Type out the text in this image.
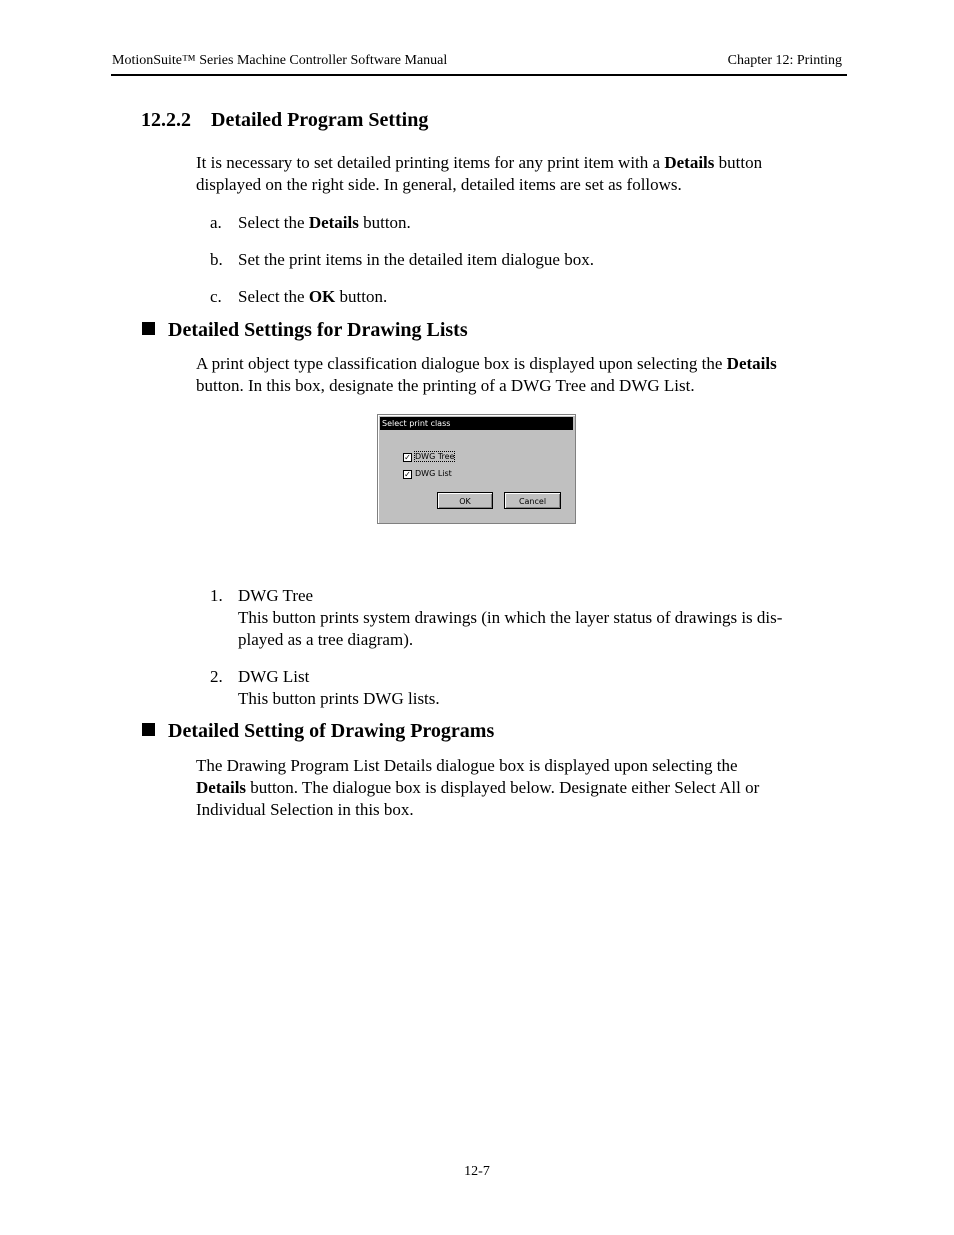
MotionSuite™ Series Machine Controller Software Manual	Chapter 12: Printing
12.2.2 Detailed Program Setting
It is necessary to set detailed printing items for any print item with a Details button
displayed on the right side. In general, detailed items are set as follows.
a. Select the Details button.
b. Set the print items in the detailed item dialogue box.
c. Select the OK button.
Detailed Settings for Drawing Lists
A print object type classification dialogue box is displayed upon selecting the Details
button. In this box, designate the printing of a DWG Tree and DWG List.
Select print class
✓ DWG Tree
✓ DWG List
OK	Cancel
1. DWG Tree
This button prints system drawings (in which the layer status of drawings is dis-
played as a tree diagram).
2. DWG List
This button prints DWG lists.
Detailed Setting of Drawing Programs
The Drawing Program List Details dialogue box is displayed upon selecting the
Details button. The dialogue box is displayed below. Designate either Select All or
Individual Selection in this box.
12-7
